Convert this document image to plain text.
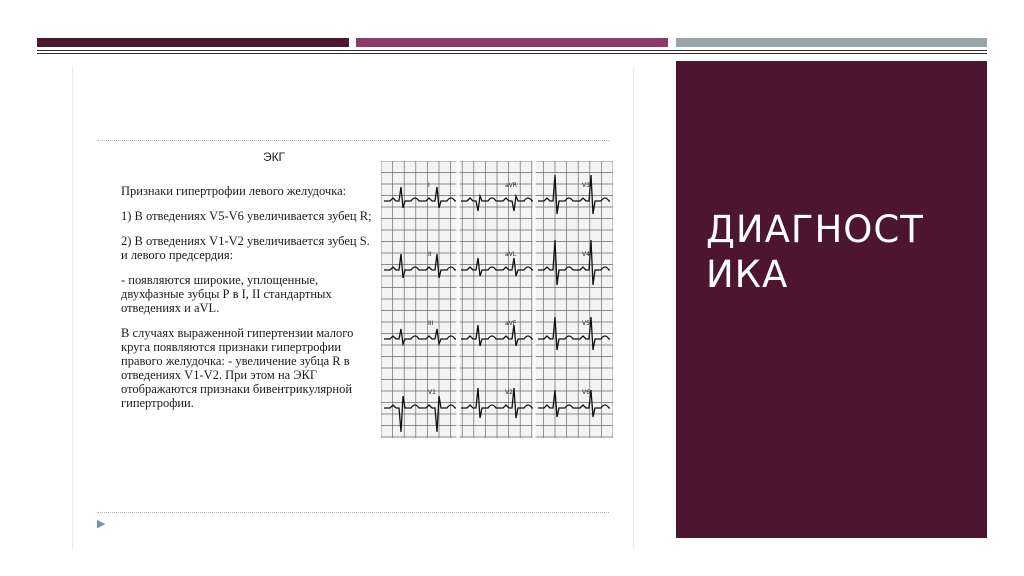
ЭКГ

Признаки гипертрофии левого желудочка:

1) В отведениях V5-V6 увеличивается зубец R;

2) В отведениях V1-V2 увеличивается зубец S. и левого предсердия:

- появляются широкие, уплощенные, двухфазные зубцы Р в I, II стандартных отведениях и aVL.

В случаях выраженной гипертензии малого круга появляются признаки гипертрофии правого желудочка: - увеличение зубца R в отведениях V1-V2. При этом на ЭКГ отображаются признаки бивентрикулярной гипертрофии.

I	aVR	V3
II	aVL	V4
III	aVF	V5
V1	V2	V6
▶
ДИАГНОСТ
ИКА
